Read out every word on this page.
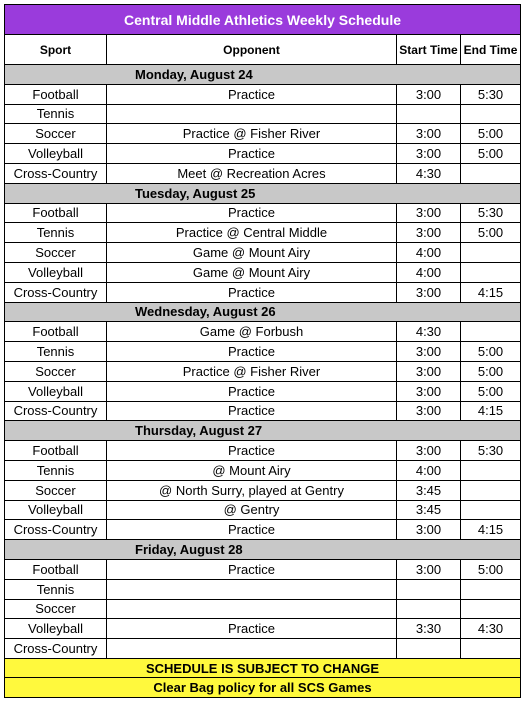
Central Middle Athletics Weekly Schedule			
Sport	Opponent	Start Time	End Time
Monday, August 24			
Football	Practice	3:00	5:30
Tennis			
Soccer	Practice @ Fisher River	3:00	5:00
Volleyball	Practice	3:00	5:00
Cross-Country	Meet @ Recreation Acres	4:30	
Tuesday, August 25			
Football	Practice	3:00	5:30
Tennis	Practice @ Central Middle	3:00	5:00
Soccer	Game @ Mount Airy	4:00	
Volleyball	Game @ Mount Airy	4:00	
Cross-Country	Practice	3:00	4:15
Wednesday, August 26			
Football	Game @ Forbush	4:30	
Tennis	Practice	3:00	5:00
Soccer	Practice @ Fisher River	3:00	5:00
Volleyball	Practice	3:00	5:00
Cross-Country	Practice	3:00	4:15
Thursday, August 27			
Football	Practice	3:00	5:30
Tennis	@ Mount Airy	4:00	
Soccer	@ North Surry, played at Gentry	3:45	
Volleyball	@ Gentry	3:45	
Cross-Country	Practice	3:00	4:15
Friday, August 28			
Football	Practice	3:00	5:00
Tennis			
Soccer			
Volleyball	Practice	3:30	4:30
Cross-Country			
SCHEDULE IS SUBJECT TO CHANGE			
Clear Bag policy for all SCS Games			
